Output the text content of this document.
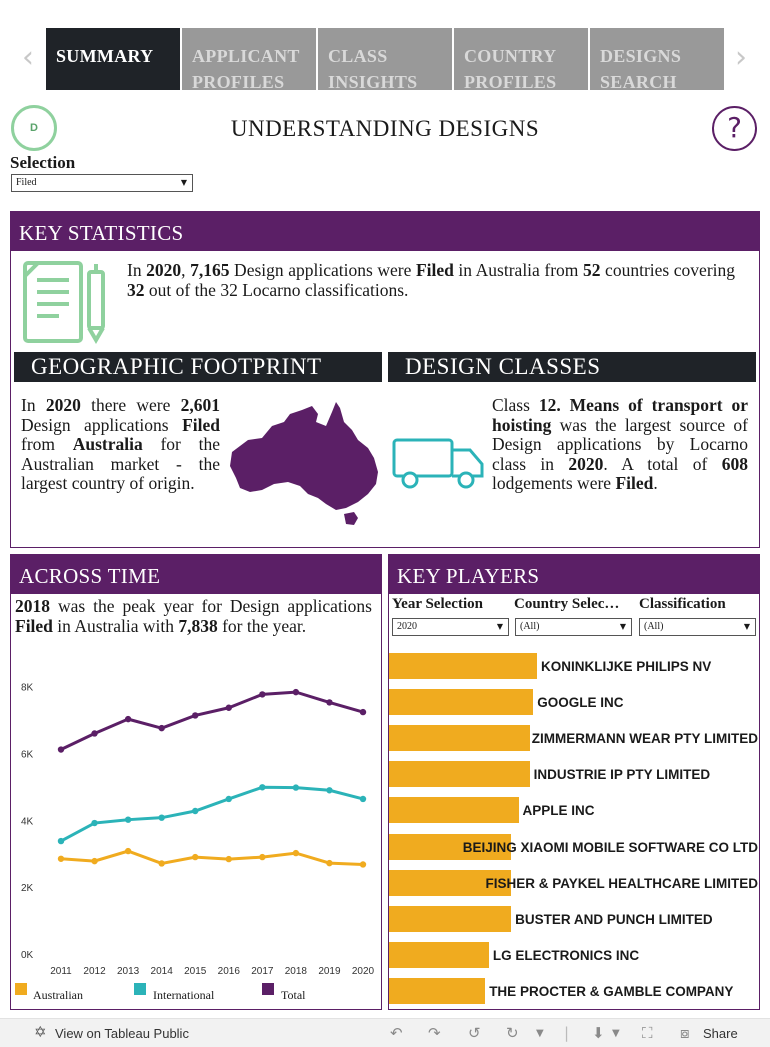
‹	SUMMARY	APPLICANT PROFILES
CLASS INSIGHTS
COUNTRY PROFILES
DESIGNS SEARCH
›
D	UNDERSTANDING DESIGNS	?
Selection
Filed	▼
KEY STATISTICS
In 2020, 7,165 Design applications were Filed in Australia from 52 countries covering 32 out of the 32 Locarno classifications.
GEOGRAPHIC FOOTPRINT
In 2020 there were 2,601 Design applications Filed from Australia for the Australian market - the largest country of origin.
DESIGN CLASSES
Class 12. Means of transport or hoisting was the largest source of Design applications by Locarno class in 2020. A total of 608 lodgements were Filed.
ACROSS TIME
2018 was the peak year for Design applications Filed in Australia with 7,838 for the year.
0K
2K
4K
6K
8K
2011 2012 2013 2014 2015 2016 2017 2018 2019 2020
Australian	International	Total
KEY PLAYERS
Year Selection Country Selec… Classification
2020	▼	(All)	▼	(All)	▼
KONINKLIJKE PHILIPS NV
GOOGLE INC
ZIMMERMANN WEAR PTY LIMITED
INDUSTRIE IP PTY LIMITED
APPLE INC
BEIJING XIAOMI MOBILE SOFTWARE CO LTD
FISHER & PAYKEL HEALTHCARE LIMITED
BUSTER AND PUNCH LIMITED
LG ELECTRONICS INC
THE PROCTER & GAMBLE COMPANY
✡ View on Tableau Public	↶ ↷ ↺ ↻ ▼ | ⬇ ▼ ⛶ ⧇ Share
